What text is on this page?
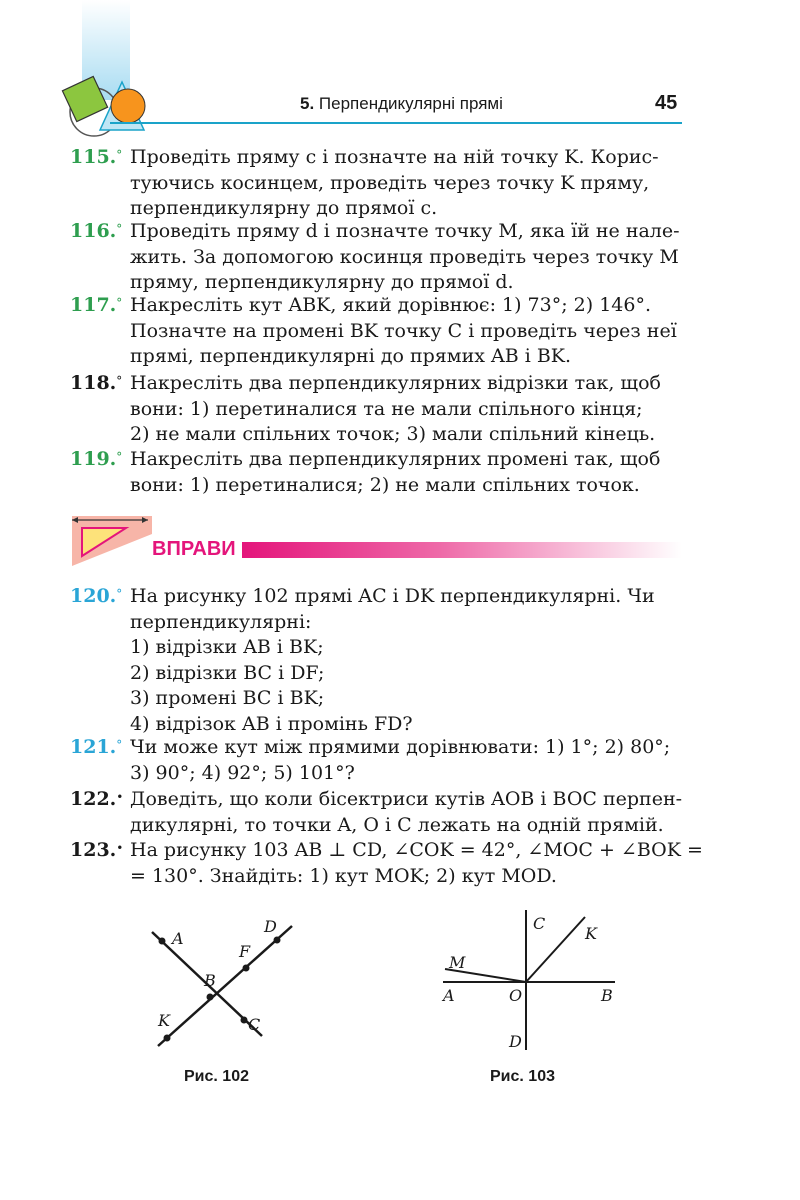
5. Перпендикулярні прямі	45
115.° Проведіть пряму c і позначте на ній точку K. Корис-
туючись косинцем, проведіть через точку K пряму,
перпендикулярну до прямої c.
116.° Проведіть пряму d і позначте точку M, яка їй не нале-
жить. За допомогою косинця проведіть через точку M
пряму, перпендикулярну до прямої d.
117.° Накресліть кут ABK, який дорівнює: 1) 73°; 2) 146°.
Позначте на промені BK точку C і проведіть через неї
прямі, перпендикулярні до прямих AB і BK.
118.° Накресліть два перпендикулярних відрізки так, щоб
вони: 1) перетиналися та не мали спільного кінця;
2) не мали спільних точок; 3) мали спільний кінець.
119.° Накресліть два перпендикулярних промені так, щоб
вони: 1) перетиналися; 2) не мали спільних точок.
ВПРАВИ
120.° На рисунку 102 прямі AC і DK перпендикулярні. Чи
перпендикулярні:
1) відрізки AB і BK;
2) відрізки BC і DF;
3) промені BC і BK;
4) відрізок AB і промінь FD?
121.° Чи може кут між прямими дорівнювати: 1) 1°; 2) 80°;
3) 90°; 4) 92°; 5) 101°?
122.• Доведіть, що коли бісектриси кутів AOB і BOC перпен-
дикулярні, то точки A, O і C лежать на одній прямій.
123.• На рисунку 103 AB ⊥ CD, ∠COK = 42°, ∠MOC + ∠BOK =
= 130°. Знайдіть: 1) кут MOK; 2) кут MOD.
A
B
C
D
F
K
Рис. 102
C
K
M
A	O	B
D
Рис. 103
